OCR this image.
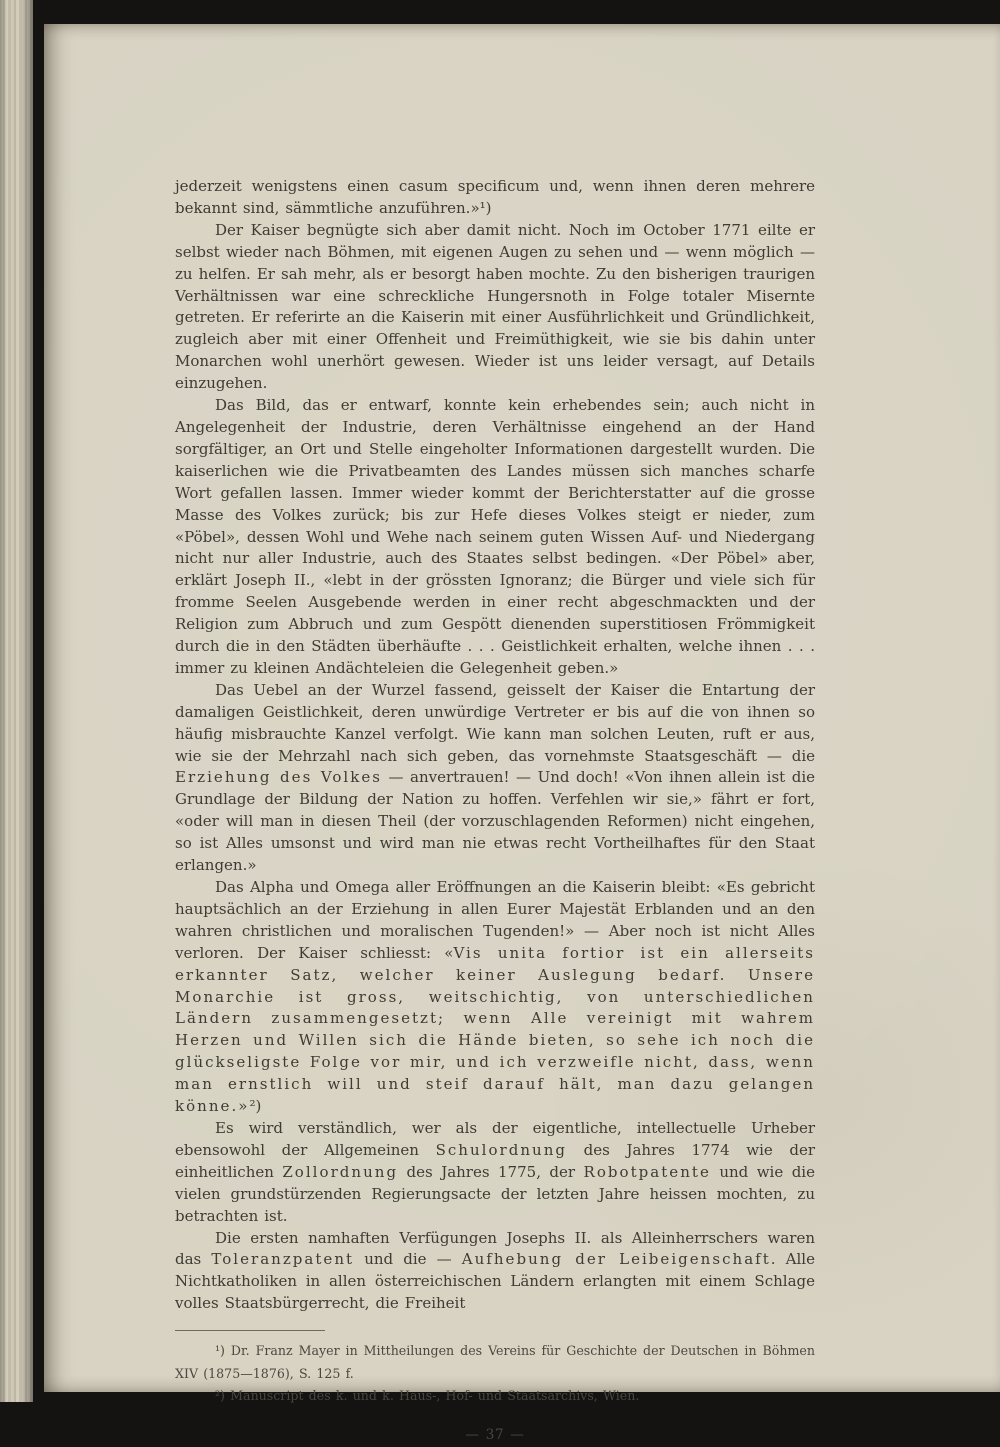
jederzeit wenigstens einen casum specificum und, wenn ihnen deren mehrere bekannt sind, sämmtliche anzuführen.»¹)

Der Kaiser begnügte sich aber damit nicht. Noch im October 1771 eilte er selbst wieder nach Böhmen, mit eigenen Augen zu sehen und — wenn möglich — zu helfen. Er sah mehr, als er besorgt haben mochte. Zu den bisherigen traurigen Verhältnissen war eine schreckliche Hungersnoth in Folge totaler Misernte getreten. Er referirte an die Kaiserin mit einer Ausführlichkeit und Gründlichkeit, zugleich aber mit einer Offenheit und Freimüthigkeit, wie sie bis dahin unter Monarchen wohl unerhört gewesen. Wieder ist uns leider versagt, auf Details einzugehen.

Das Bild, das er entwarf, konnte kein erhebendes sein; auch nicht in Angelegenheit der Industrie, deren Verhältnisse eingehend an der Hand sorgfältiger, an Ort und Stelle eingeholter Informationen dargestellt wurden. Die kaiserlichen wie die Privatbeamten des Landes müssen sich manches scharfe Wort gefallen lassen. Immer wieder kommt der Berichterstatter auf die grosse Masse des Volkes zurück; bis zur Hefe dieses Volkes steigt er nieder, zum «Pöbel», dessen Wohl und Wehe nach seinem guten Wissen Auf- und Niedergang nicht nur aller Industrie, auch des Staates selbst bedingen. «Der Pöbel» aber, erklärt Joseph II., «lebt in der grössten Ignoranz; die Bürger und viele sich für fromme Seelen Ausgebende werden in einer recht abgeschmackten und der Religion zum Abbruch und zum Gespött dienenden superstitiosen Frömmigkeit durch die in den Städten überhäufte . . . Geistlichkeit erhalten, welche ihnen . . . immer zu kleinen Andächteleien die Gelegenheit geben.»

Das Uebel an der Wurzel fassend, geisselt der Kaiser die Entartung der damaligen Geistlichkeit, deren unwürdige Vertreter er bis auf die von ihnen so häufig misbrauchte Kanzel verfolgt. Wie kann man solchen Leuten, ruft er aus, wie sie der Mehrzahl nach sich geben, das vornehmste Staatsgeschäft — die Erziehung des Volkes — anvertrauen! — Und doch! «Von ihnen allein ist die Grundlage der Bildung der Nation zu hoffen. Verfehlen wir sie,» fährt er fort, «oder will man in diesen Theil (der vorzuschlagenden Reformen) nicht eingehen, so ist Alles umsonst und wird man nie etwas recht Vortheilhaftes für den Staat erlangen.»

Das Alpha und Omega aller Eröffnungen an die Kaiserin bleibt: «Es gebricht hauptsächlich an der Erziehung in allen Eurer Majestät Erblanden und an den wahren christlichen und moralischen Tugenden!» — Aber noch ist nicht Alles verloren. Der Kaiser schliesst: «Vis unita fortior ist ein allerseits erkannter Satz, welcher keiner Auslegung bedarf. Unsere Monarchie ist gross, weitschichtig, von unterschiedlichen Ländern zusammengesetzt; wenn Alle vereinigt mit wahrem Herzen und Willen sich die Hände bieten, so sehe ich noch die glückseligste Folge vor mir, und ich verzweifle nicht, dass, wenn man ernstlich will und steif darauf hält, man dazu gelangen könne.»²)

Es wird verständlich, wer als der eigentliche, intellectuelle Urheber ebensowohl der Allgemeinen Schulordnung des Jahres 1774 wie der einheitlichen Zollordnung des Jahres 1775, der Robotpatente und wie die vielen grundstürzenden Regierungsacte der letzten Jahre heissen mochten, zu betrachten ist.

Die ersten namhaften Verfügungen Josephs II. als Alleinherrschers waren das Toleranzpatent und die — Aufhebung der Leibeigenschaft. Alle Nichtkatholiken in allen österreichischen Ländern erlangten mit einem Schlage volles Staatsbürgerrecht, die Freiheit

¹) Dr. Franz Mayer in Mittheilungen des Vereins für Geschichte der Deutschen in Böhmen XIV (1875—1876), S. 125 f.

²) Manuscript des k. und k. Haus-, Hof- und Staatsarchivs, Wien.

— 37 —
